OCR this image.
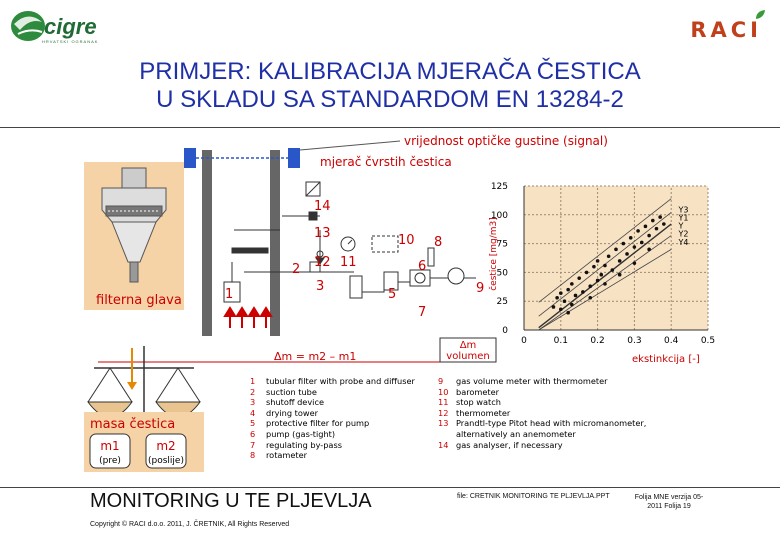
cigre
HRVATSKI OGRANAK	RACI
PRIMJER: KALIBRACIJA MJERAČA ČESTICA
U SKLADU SA STANDARDOM EN 13284-2
filterna glava
vrijednost optičke gustine (signal)
mjerač čvrstih čestica
14
13
12 11
10
9
8
7
6
5
3
2
1
Δm = m2 – m1
Δm
volumen
masa čestica
m1
(pre)
m2
(poslije)
0	0.1 0.2 0.3 0.4 0.5
125
100
75
50
25
0
Y3
Y1
Y
Y2
Y4
čestice [mg/m3]
ekstinkcija [-]
1	tubular filter with probe and diffuser
2	suction tube
3	shutoff device
4	drying tower
5	protective filter for pump
6	pump (gas-tight)
7	regulating by-pass
8	rotameter
9	gas volume meter with thermometer
10 barometer
11 stop watch
12 thermometer
13 Prandtl-type Pitot head with micromanometer,
alternatively an anemometer
14 gas analyser, if necessary
MONITORING U TE PLJEVLJA
Copyright © RACI d.o.o. 2011, J. ČRETNIK, All Rights Reserved
file: CRETNIK MONITORING TE PLJEVLJA.PPT	Folija MNE verzija 05-
2011 Folija 19
